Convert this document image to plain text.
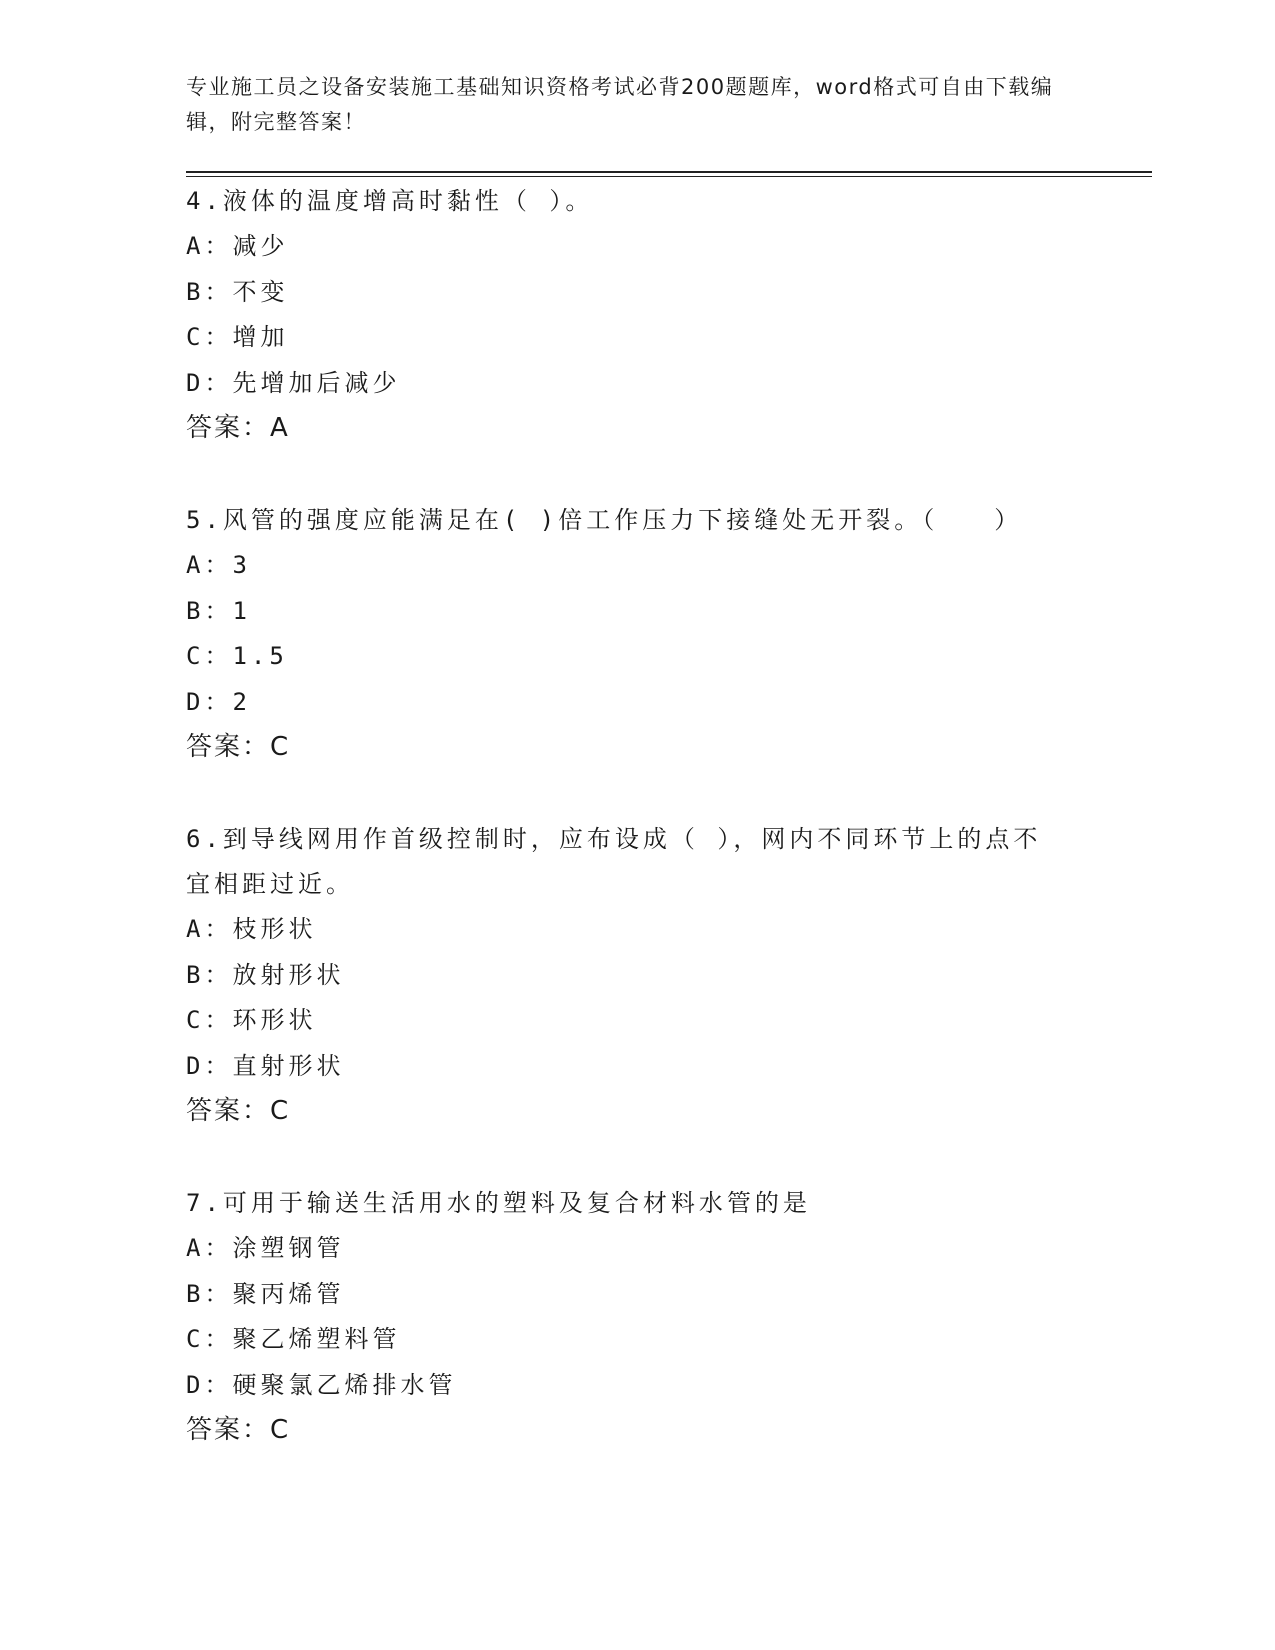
专业施工员之设备安装施工基础知识资格考试必背200题题库，word格式可自由下载编辑，附完整答案！

4.液体的温度增高时黏性（ ）。

A：减少

B：不变

C：增加

D：先增加后减少

答案：A

5.风管的强度应能满足在( )倍工作压力下接缝处无开裂。（　　）

A：3

B：1

C：1.5

D：2

答案：C

6.到导线网用作首级控制时，应布设成（ ），网内不同环节上的点不宜相距过近。

A：枝形状

B：放射形状

C：环形状

D：直射形状

答案：C

7.可用于输送生活用水的塑料及复合材料水管的是

A：涂塑钢管

B：聚丙烯管

C：聚乙烯塑料管

D：硬聚氯乙烯排水管

答案：C
